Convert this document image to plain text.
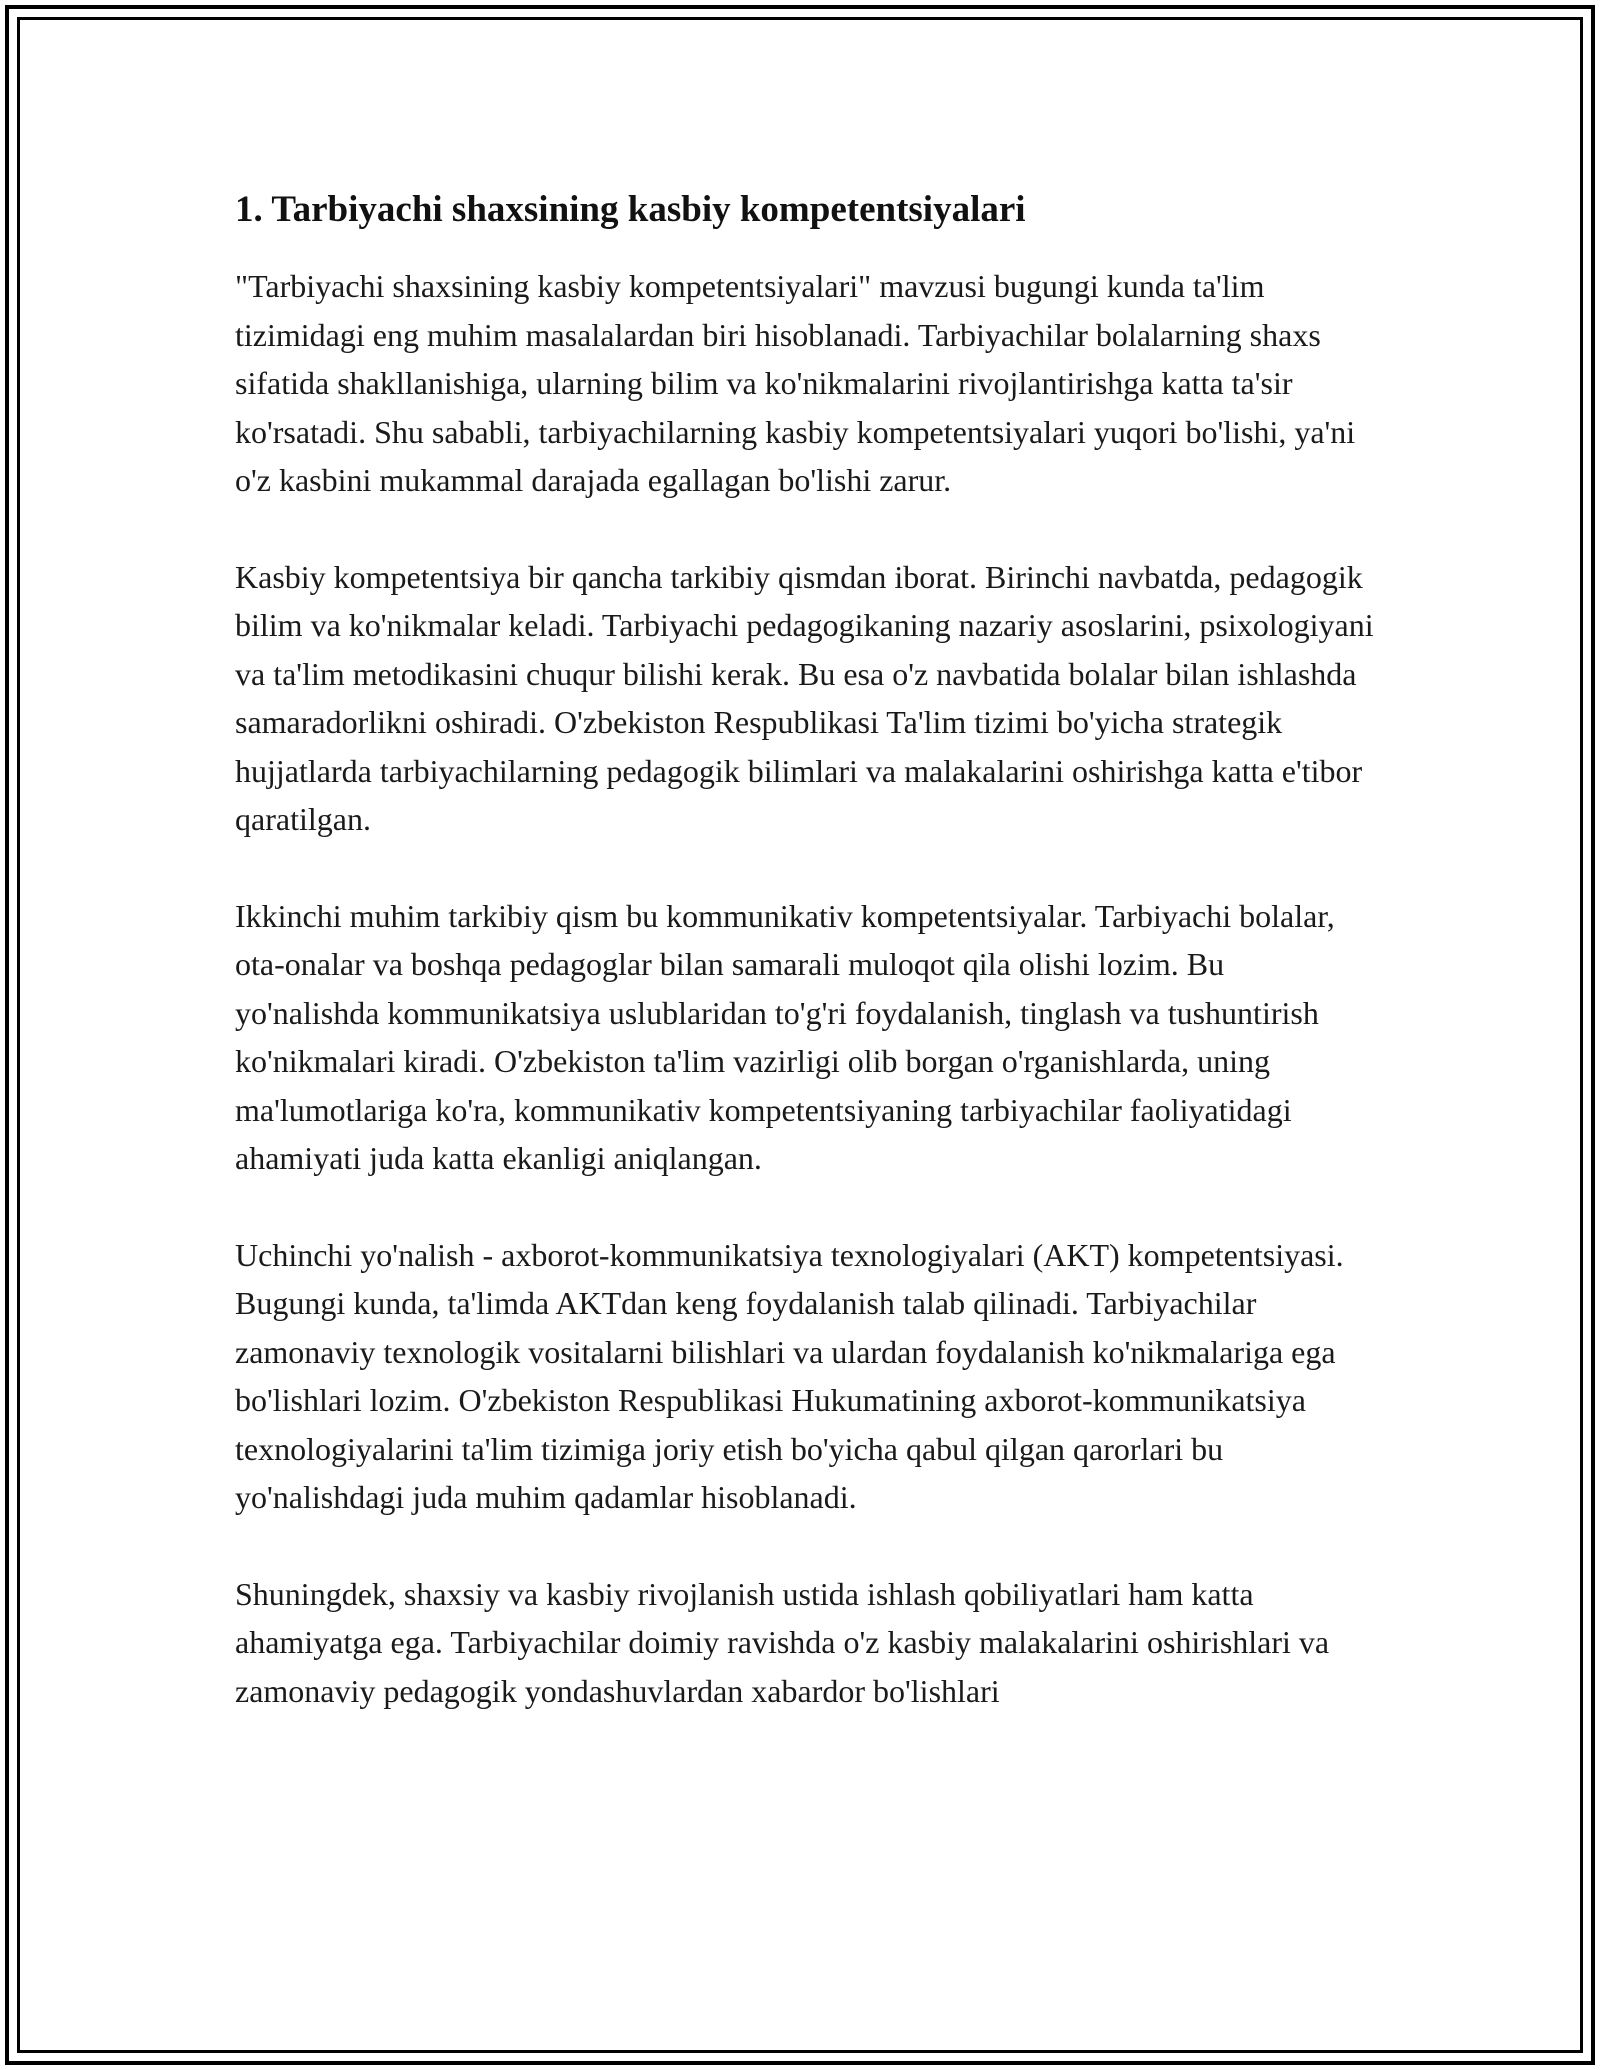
1. Tarbiyachi shaxsining kasbiy kompetentsiyalari

"Tarbiyachi shaxsining kasbiy kompetentsiyalari" mavzusi bugungi kunda ta'lim tizimidagi eng muhim masalalardan biri hisoblanadi. Tarbiyachilar bolalarning shaxs sifatida shakllanishiga, ularning bilim va ko'nikmalarini rivojlantirishga katta ta'sir ko'rsatadi. Shu sababli, tarbiyachilarning kasbiy kompetentsiyalari yuqori bo'lishi, ya'ni o'z kasbini mukammal darajada egallagan bo'lishi zarur.

Kasbiy kompetentsiya bir qancha tarkibiy qismdan iborat. Birinchi navbatda, pedagogik bilim va ko'nikmalar keladi. Tarbiyachi pedagogikaning nazariy asoslarini, psixologiyani va ta'lim metodikasini chuqur bilishi kerak. Bu esa o'z navbatida bolalar bilan ishlashda samaradorlikni oshiradi. O'zbekiston Respublikasi Ta'lim tizimi bo'yicha strategik hujjatlarda tarbiyachilarning pedagogik bilimlari va malakalarini oshirishga katta e'tibor qaratilgan.

Ikkinchi muhim tarkibiy qism bu kommunikativ kompetentsiyalar. Tarbiyachi bolalar, ota-onalar va boshqa pedagoglar bilan samarali muloqot qila olishi lozim. Bu yo'nalishda kommunikatsiya uslublaridan to'g'ri foydalanish, tinglash va tushuntirish ko'nikmalari kiradi. O'zbekiston ta'lim vazirligi olib borgan o'rganishlarda, uning ma'lumotlariga ko'ra, kommunikativ kompetentsiyaning tarbiyachilar faoliyatidagi ahamiyati juda katta ekanligi aniqlangan.

Uchinchi yo'nalish - axborot-kommunikatsiya texnologiyalari (AKT) kompetentsiyasi. Bugungi kunda, ta'limda AKTdan keng foydalanish talab qilinadi. Tarbiyachilar zamonaviy texnologik vositalarni bilishlari va ulardan foydalanish ko'nikmalariga ega bo'lishlari lozim. O'zbekiston Respublikasi Hukumatining axborot-kommunikatsiya texnologiyalarini ta'lim tizimiga joriy etish bo'yicha qabul qilgan qarorlari bu yo'nalishdagi juda muhim qadamlar hisoblanadi.

Shuningdek, shaxsiy va kasbiy rivojlanish ustida ishlash qobiliyatlari ham katta ahamiyatga ega. Tarbiyachilar doimiy ravishda o'z kasbiy malakalarini oshirishlari va zamonaviy pedagogik yondashuvlardan xabardor bo'lishlari
